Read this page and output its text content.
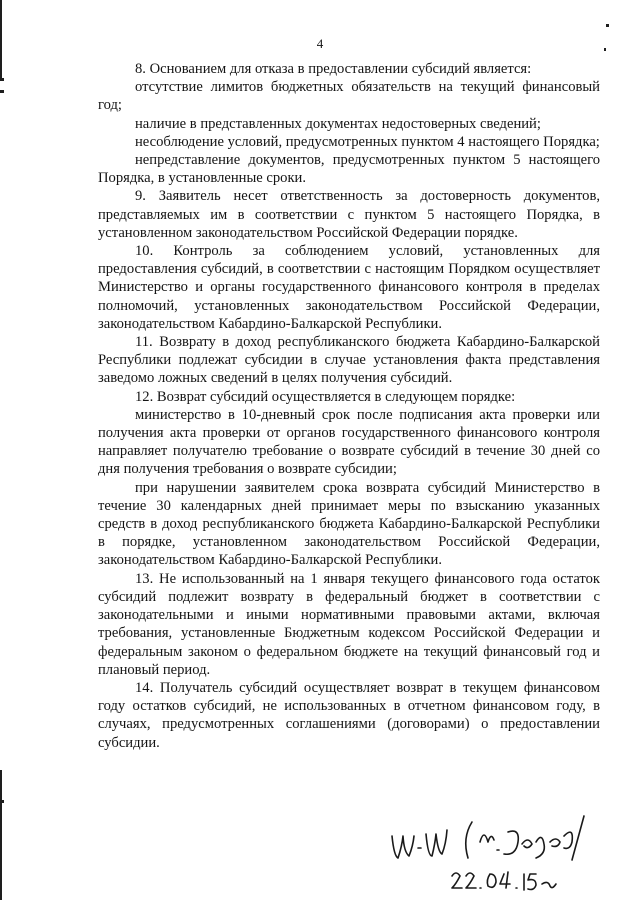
4

8. Основанием для отказа в предоставлении субсидий является:

отсутствие лимитов бюджетных обязательств на текущий финансовый год;

наличие в представленных документах недостоверных сведений;

несоблюдение условий, предусмотренных пунктом 4 настоящего Порядка;

непредставление документов, предусмотренных пунктом 5 настоящего Порядка, в установленные сроки.

9. Заявитель несет ответственность за достоверность документов, представляемых им в соответствии с пунктом 5 настоящего Порядка, в установленном законодательством Российской Федерации порядке.

10. Контроль за соблюдением условий, установленных для предоставления субсидий, в соответствии с настоящим Порядком осуществляет Министерство и органы государственного финансового контроля в пределах полномочий, установленных законодательством Российской Федерации, законодательством Кабардино-Балкарской Республики.

11. Возврату в доход республиканского бюджета Кабардино-Балкарской Республики подлежат субсидии в случае установления факта представления заведомо ложных сведений в целях получения субсидий.

12. Возврат субсидий осуществляется в следующем порядке:

министерство в 10-дневный срок после подписания акта проверки или получения акта проверки от органов государственного финансового контроля направляет получателю требование о возврате субсидий в течение 30 дней со дня получения требования о возврате субсидии;

при нарушении заявителем срока возврата субсидий Министерство в течение 30 календарных дней принимает меры по взысканию указанных средств в доход республиканского бюджета Кабардино-Балкарской Республики в порядке, установленном законодательством Российской Федерации, законодательством Кабардино-Балкарской Республики.

13. Не использованный на 1 января текущего финансового года остаток субсидий подлежит возврату в федеральный бюджет в соответствии с законодательными и иными нормативными правовыми актами, включая требования, установленные Бюджетным кодексом Российской Федерации и федеральным законом о федеральном бюджете на текущий финансовый год и плановый период.

14. Получатель субсидий осуществляет возврат в текущем финансовом году остатков субсидий, не использованных в отчетном финансовом году, в случаях, предусмотренных соглашениями (договорами) о предоставлении субсидии.
